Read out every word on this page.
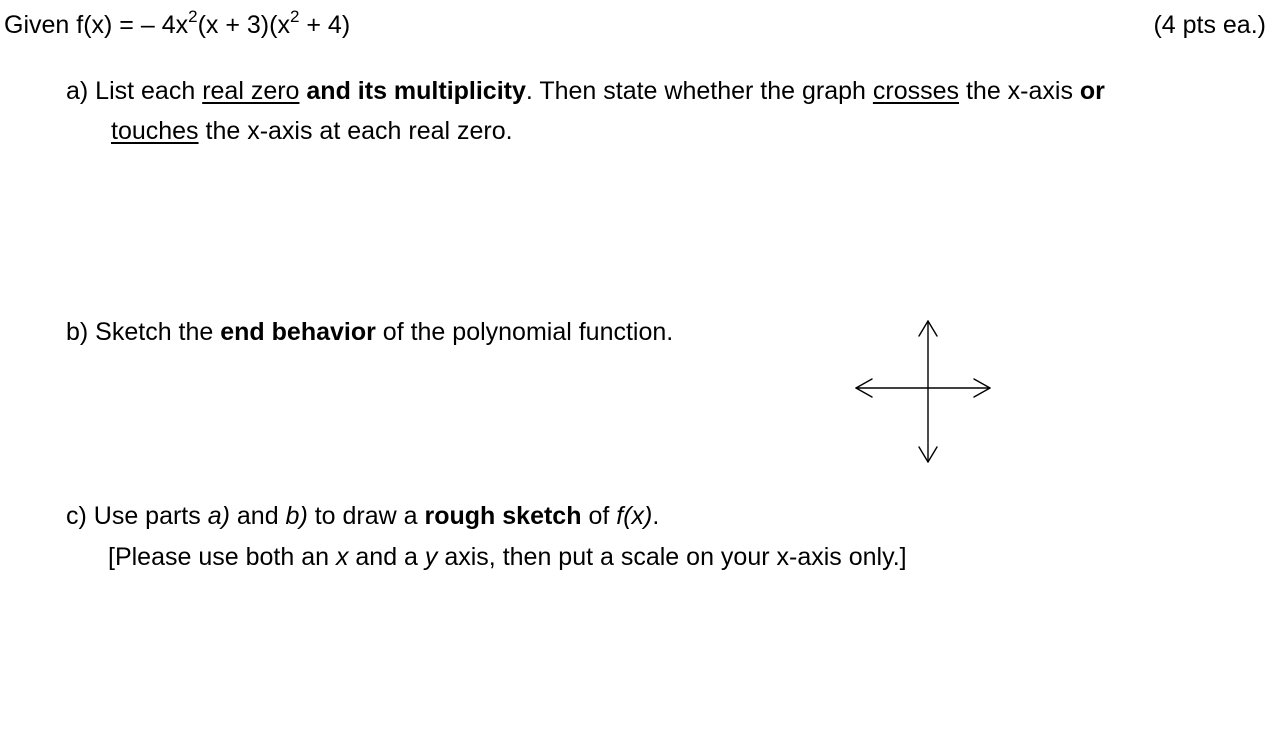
Given f(x) = – $4x^2(x + 3)(x^2 + 4)$	(4 pts ea.)
a) List each real zero and its multiplicity. Then state whether the graph crosses the x-axis or
touches the x-axis at each real zero.
b) Sketch the end behavior of the polynomial function.
c) Use parts a) and b) to draw a rough sketch of f(x).
[Please use both an x and a y axis, then put a scale on your x-axis only.]
